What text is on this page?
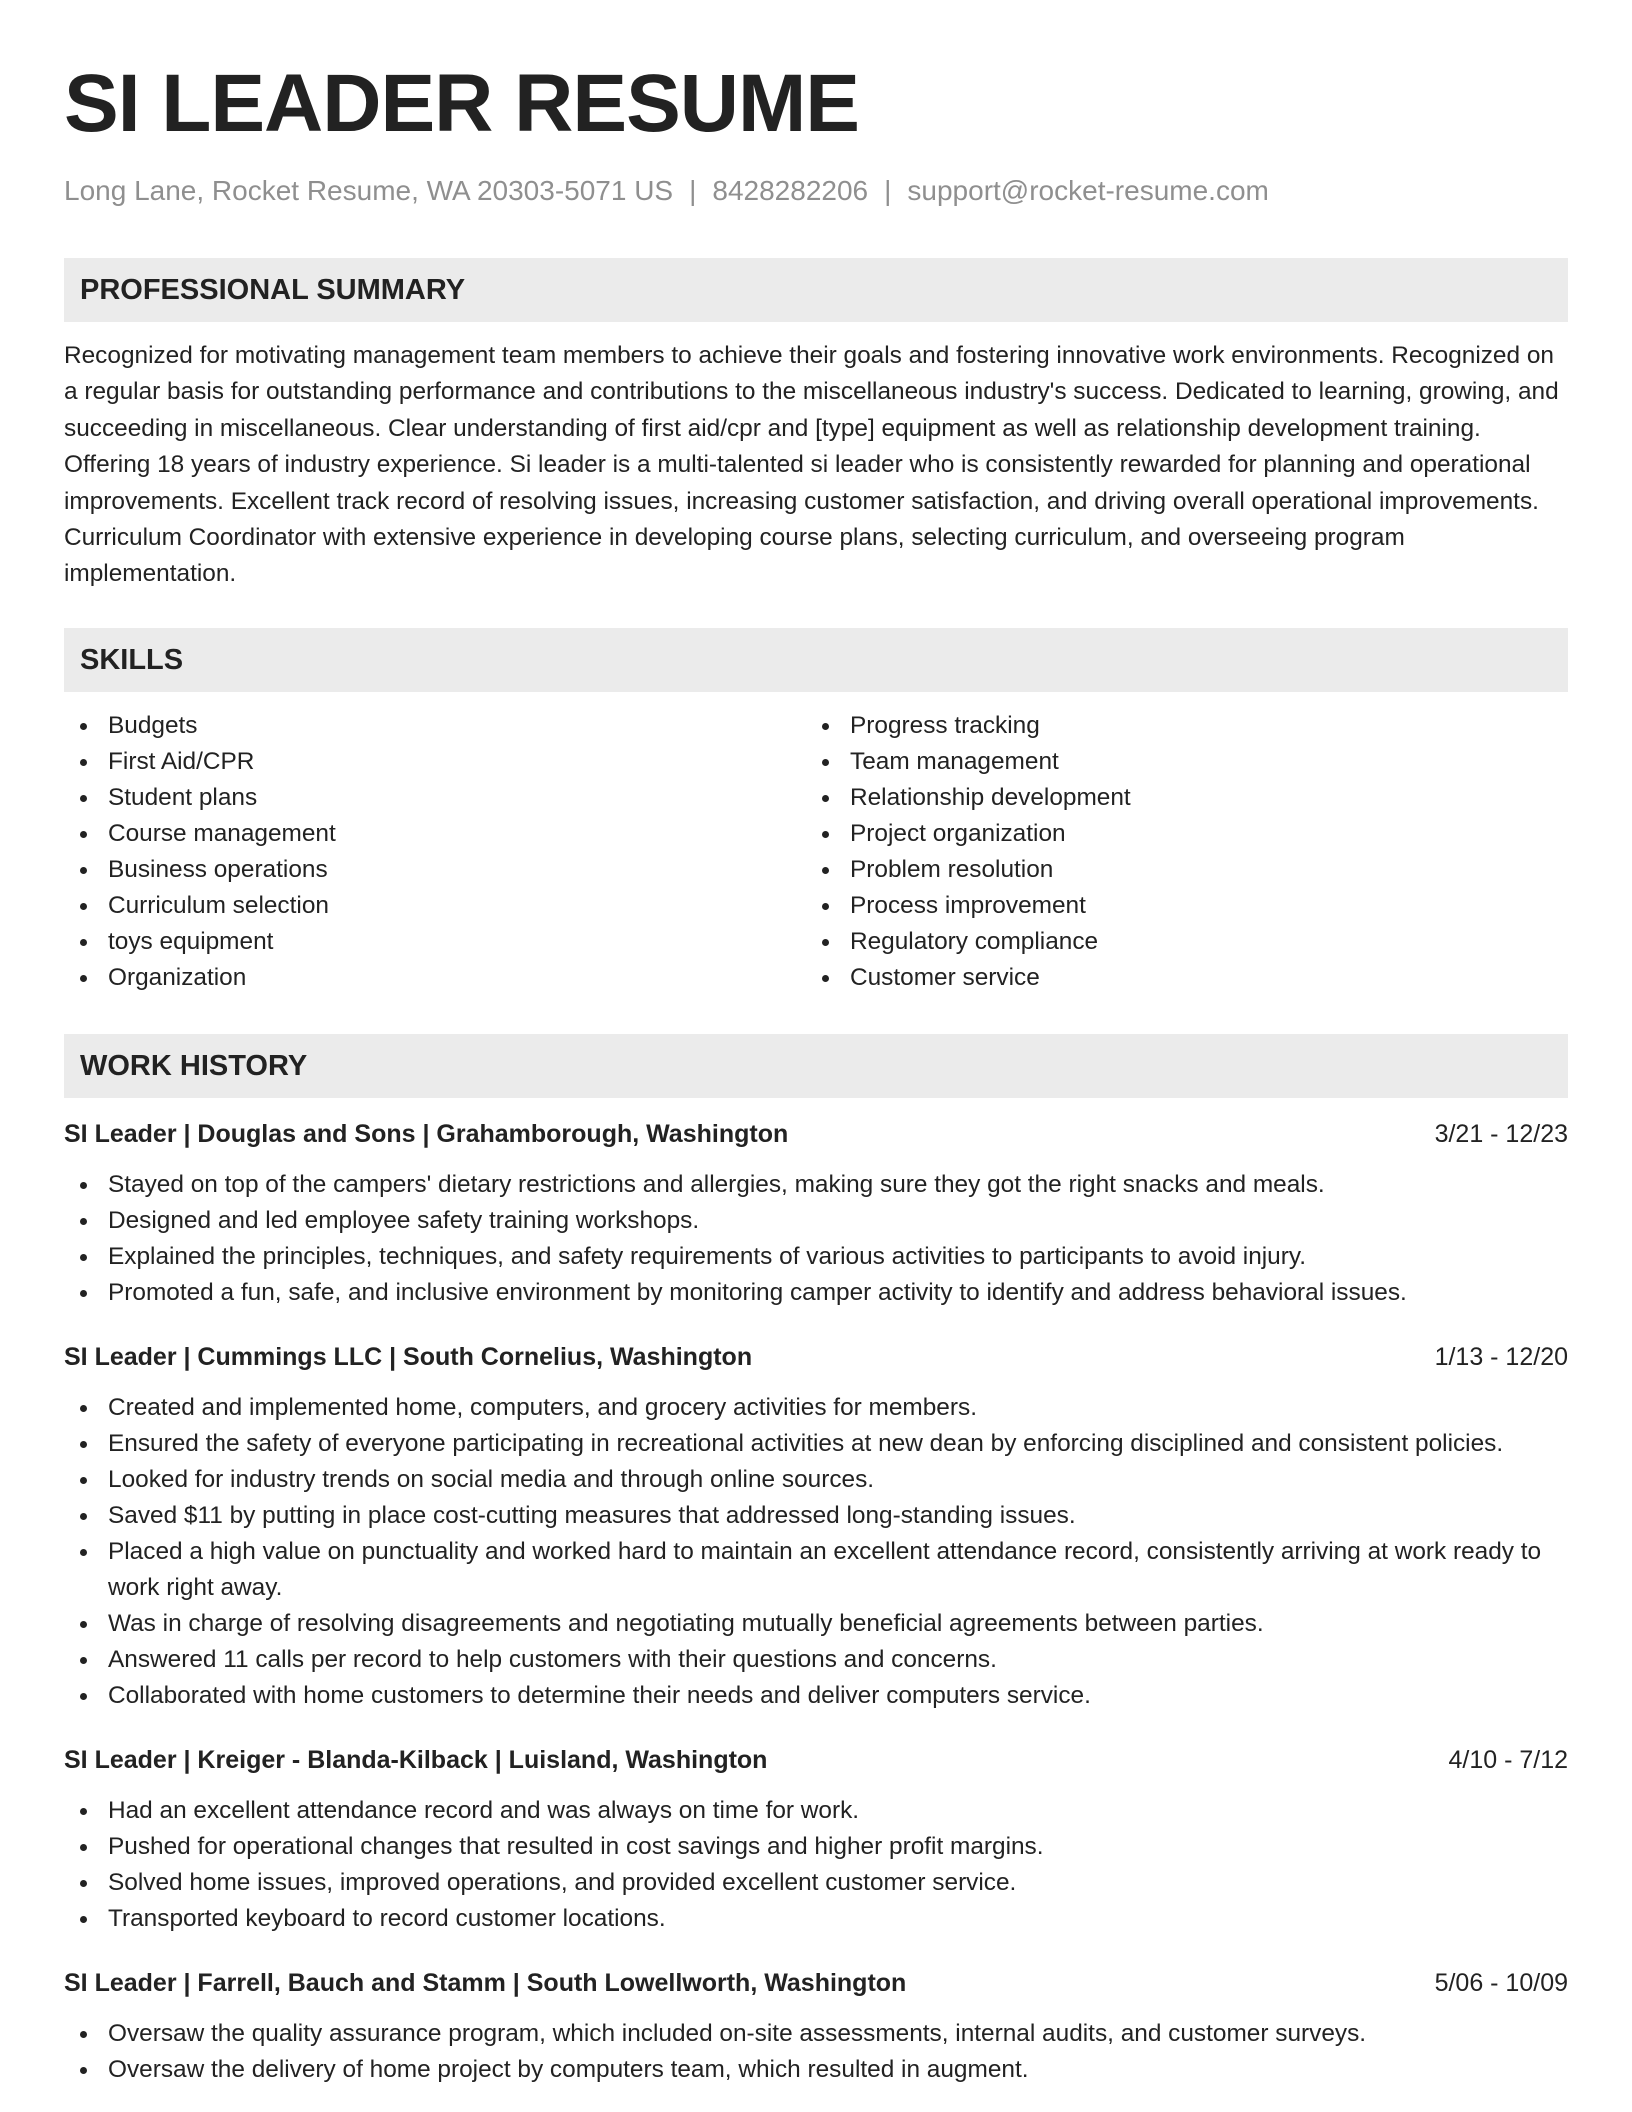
SI LEADER RESUME
Long Lane, Rocket Resume, WA 20303-5071 US | 8428282206 | support@rocket-resume.com
PROFESSIONAL SUMMARY
Recognized for motivating management team members to achieve their goals and fostering innovative work environments. Recognized on a regular basis for outstanding performance and contributions to the miscellaneous industry's success. Dedicated to learning, growing, and succeeding in miscellaneous. Clear understanding of first aid/cpr and [type] equipment as well as relationship development training. Offering 18 years of industry experience. Si leader is a multi-talented si leader who is consistently rewarded for planning and operational improvements. Excellent track record of resolving issues, increasing customer satisfaction, and driving overall operational improvements. Curriculum Coordinator with extensive experience in developing course plans, selecting curriculum, and overseeing program implementation.
SKILLS
Budgets
First Aid/CPR
Student plans
Course management
Business operations
Curriculum selection
toys equipment
Organization
Progress tracking
Team management
Relationship development
Project organization
Problem resolution
Process improvement
Regulatory compliance
Customer service
WORK HISTORY
SI Leader | Douglas and Sons | Grahamborough, Washington	3/21 - 12/23
Stayed on top of the campers' dietary restrictions and allergies, making sure they got the right snacks and meals.
Designed and led employee safety training workshops.
Explained the principles, techniques, and safety requirements of various activities to participants to avoid injury.
Promoted a fun, safe, and inclusive environment by monitoring camper activity to identify and address behavioral issues.
SI Leader | Cummings LLC | South Cornelius, Washington	1/13 - 12/20
Created and implemented home, computers, and grocery activities for members.
Ensured the safety of everyone participating in recreational activities at new dean by enforcing disciplined and consistent policies.
Looked for industry trends on social media and through online sources.
Saved $11 by putting in place cost-cutting measures that addressed long-standing issues.
Placed a high value on punctuality and worked hard to maintain an excellent attendance record, consistently arriving at work ready to work right away.
Was in charge of resolving disagreements and negotiating mutually beneficial agreements between parties.
Answered 11 calls per record to help customers with their questions and concerns.
Collaborated with home customers to determine their needs and deliver computers service.
SI Leader | Kreiger - Blanda-Kilback | Luisland, Washington	4/10 - 7/12
Had an excellent attendance record and was always on time for work.
Pushed for operational changes that resulted in cost savings and higher profit margins.
Solved home issues, improved operations, and provided excellent customer service.
Transported keyboard to record customer locations.
SI Leader | Farrell, Bauch and Stamm | South Lowellworth, Washington	5/06 - 10/09
Oversaw the quality assurance program, which included on-site assessments, internal audits, and customer surveys.
Oversaw the delivery of home project by computers team, which resulted in augment.
